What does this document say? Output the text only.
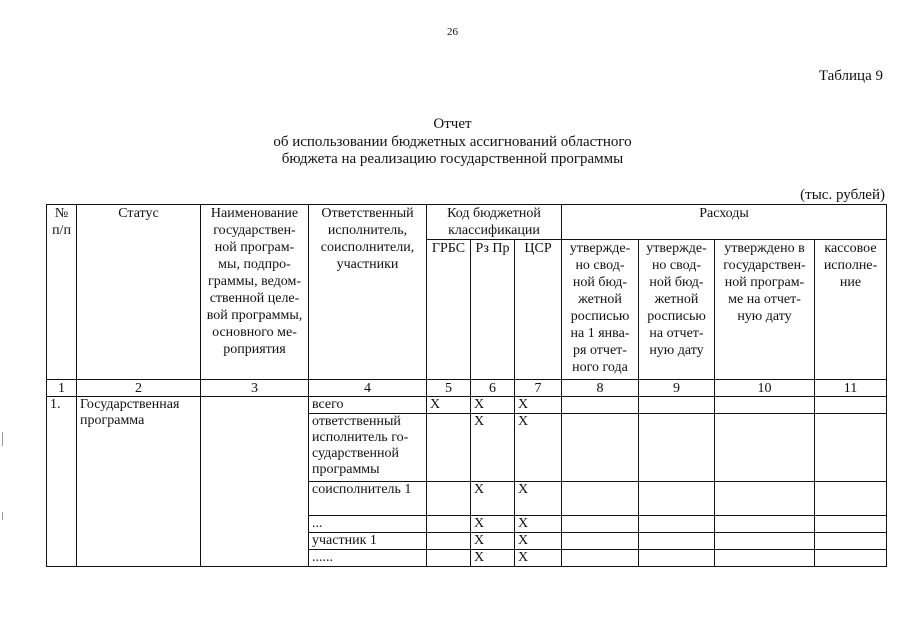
26
Таблица 9
Отчет
об использовании бюджетных ассигнований областного
бюджета на реализацию государственной программы
(тыс. рублей)
№ п/п	Статус	Наименование государствен-ной програм-мы, подпро-граммы, ведом-ственной целе-вой программы, основного ме-роприятия	Ответственный исполнитель, соисполнители, участники	Код бюджетной классификации			Расходы			
				ГРБС	Рз Пр	ЦСР	утвержде-но свод-ной бюд-жетной росписью на 1 янва-ря отчет-ного года	утвержде-но свод-ной бюд-жетной росписью на отчет-ную дату	утверждено в государствен-ной програм-ме на отчет-ную дату	кассовое исполне-ние
1	2	3	4	5	6	7	8	9	10	11
1.	Государственная программа		всего	X	X	X				
			ответственный исполнитель го-сударственной программы		X	X				
			соисполнитель 1		X	X				
			...		X	X				
			участник 1		X	X				
			......		X	X				
